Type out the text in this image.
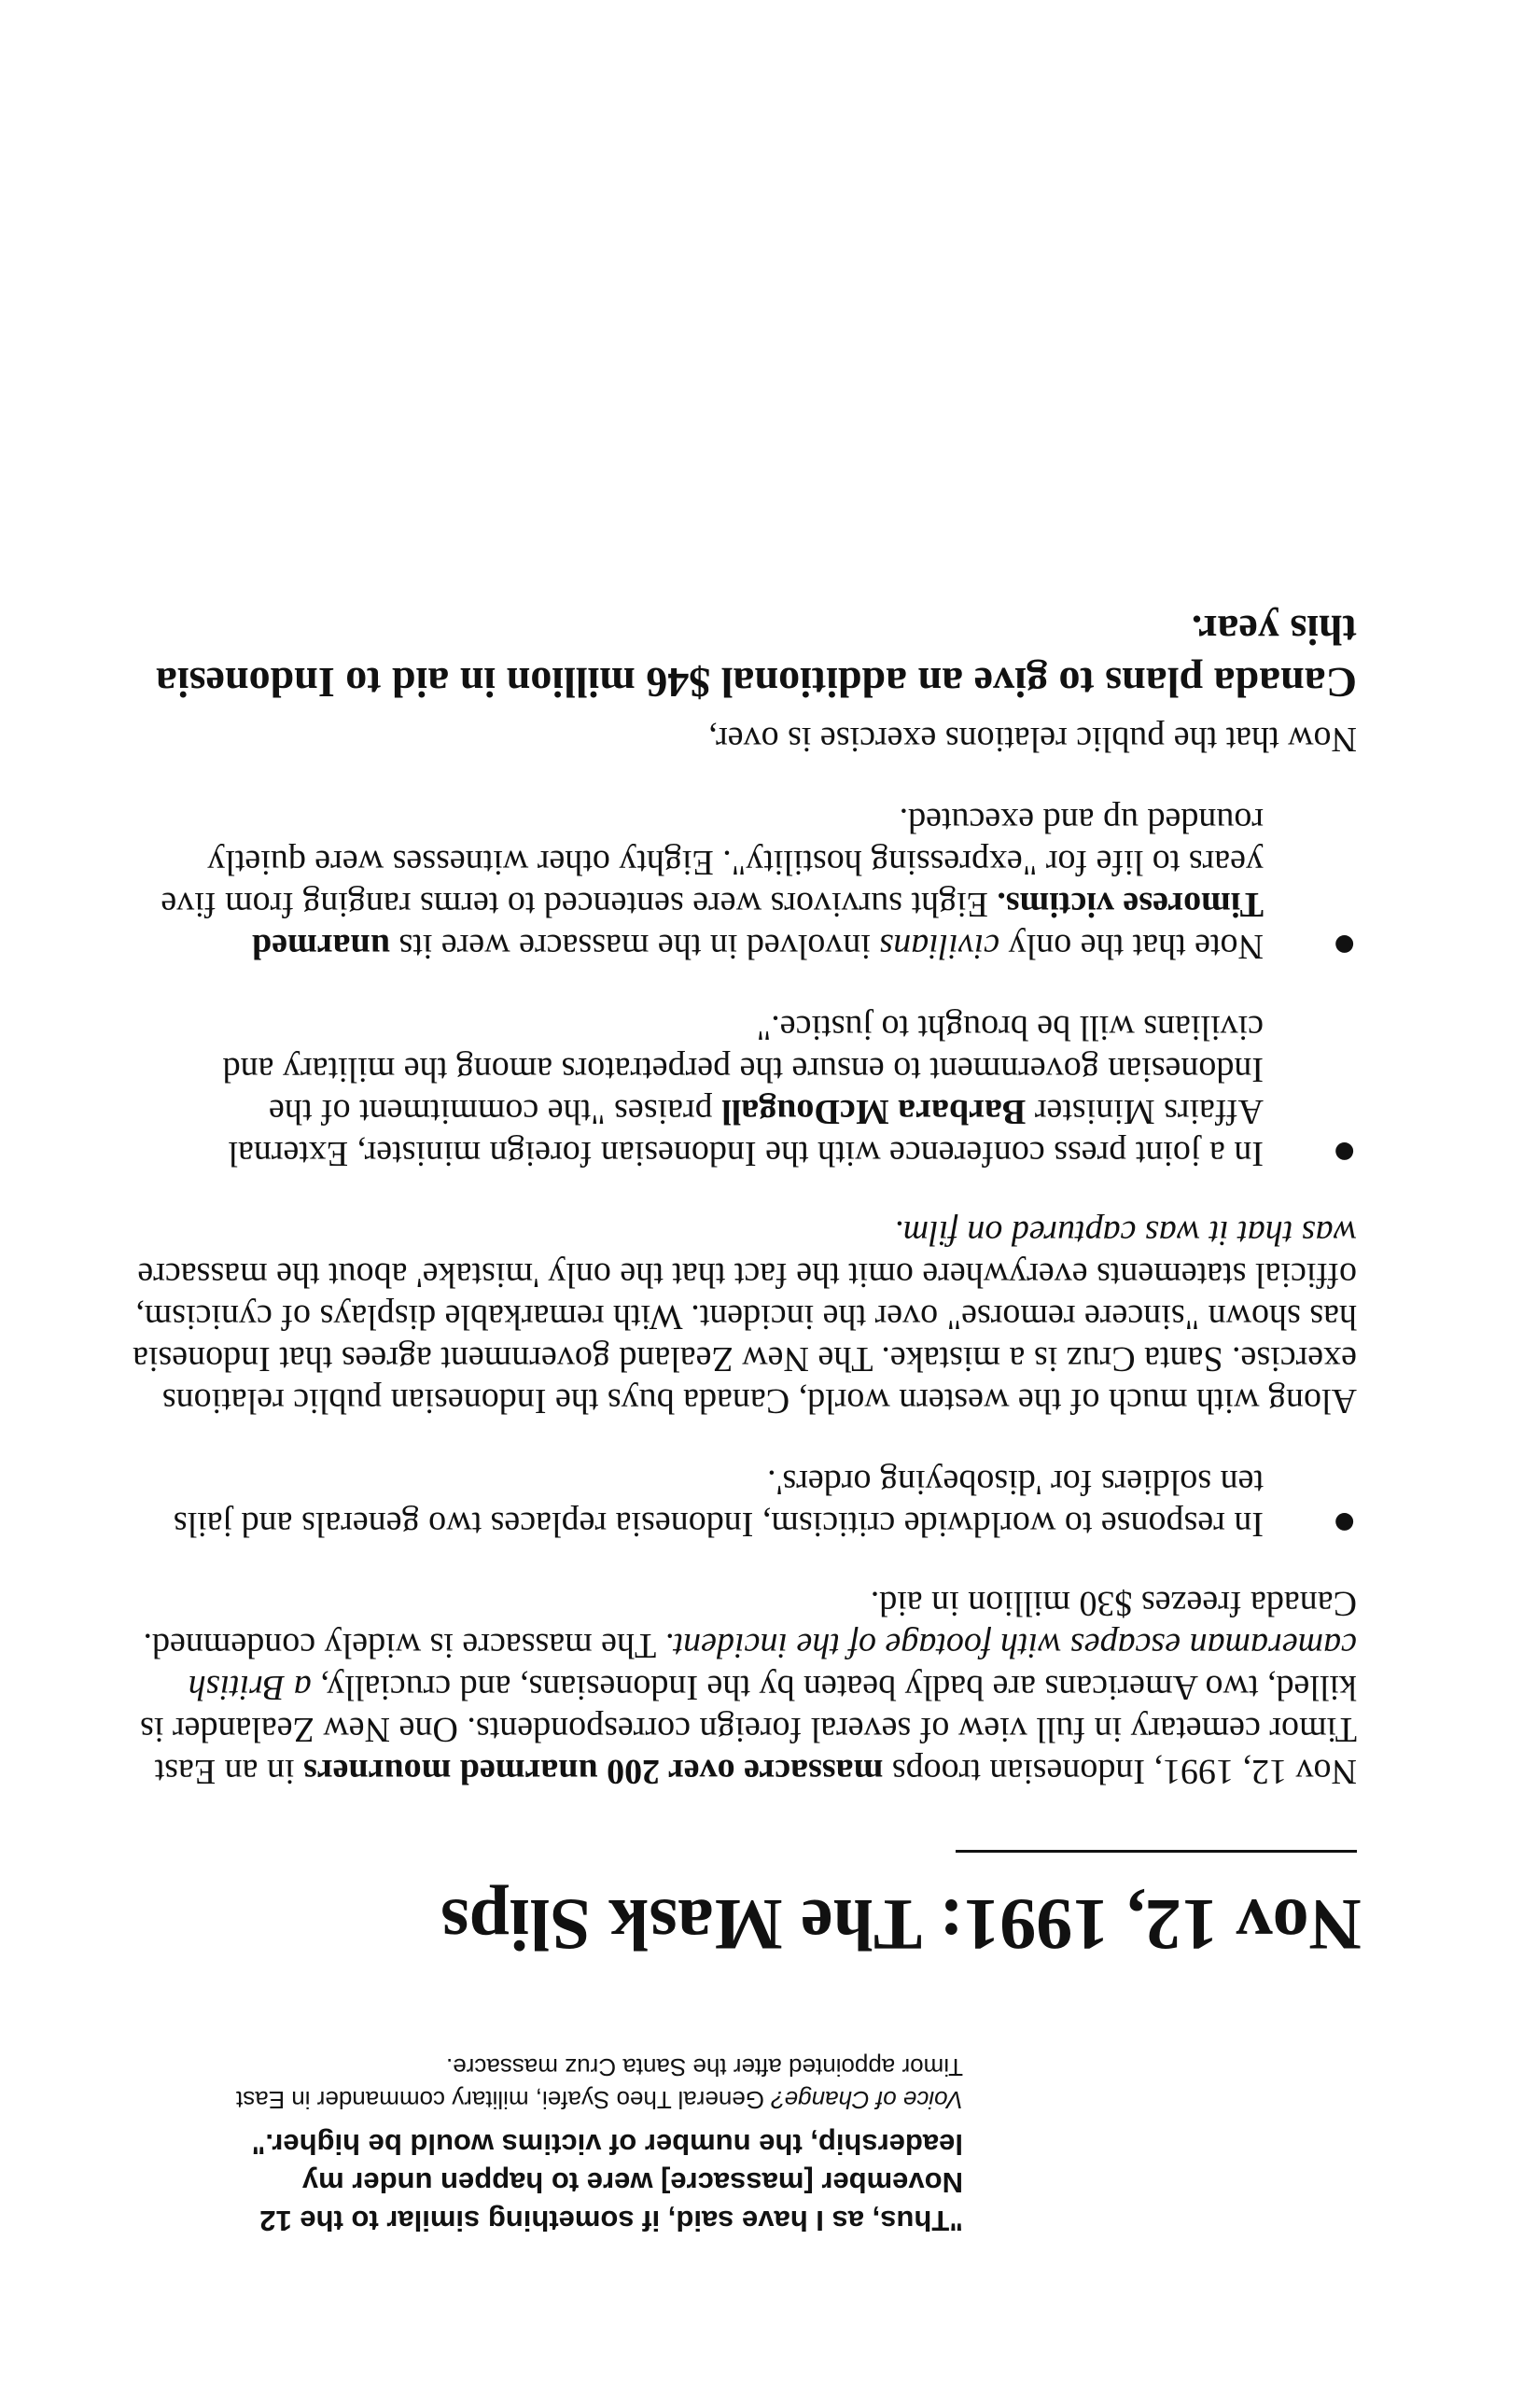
"Thus, as I have said, if something similar to the 12 November [massacre] were to happen under my leadership, the number of victims would be higher."

Voice of Change? General Theo Syafei, military commander in East Timor appointed after the Santa Cruz massacre.

Nov 12, 1991: The Mask Slips

Nov 12, 1991, Indonesian troops massacre over 200 unarmed mourners in an East Timor cemetary in full view of several foreign correspondents. One New Zealander is killed, two Americans are badly beaten by the Indonesians, and crucially, a British cameraman escapes with footage of the incident. The massacre is widely condemned. Canada freezes $30 million in aid.

●
In response to worldwide criticism, Indonesia replaces two generals and jails ten soldiers for 'disobeying orders'.

Along with much of the western world, Canada buys the Indonesian public relations exercise. Santa Cruz is a mistake. The New Zealand government agrees that Indonesia has shown "sincere remorse" over the incident. With remarkable displays of cynicism, official statements everywhere omit the fact that the only 'mistake' about the massacre was that it was captured on film.

●
In a joint press conference with the Indonesian foreign minister, External Affairs Minister Barbara McDougall praises "the commitment of the Indonesian government to ensure the perpetrators among the military and civilians will be brought to justice."
●
Note that the only civilians involved in the massacre were its unarmed Timorese victims. Eight survivors were sentenced to terms ranging from five years to life for "expressing hostility". Eighty other witnesses were quietly rounded up and executed.

Now that the public relations exercise is over,

Canada plans to give an additional $46 million in aid to Indonesia this year.
